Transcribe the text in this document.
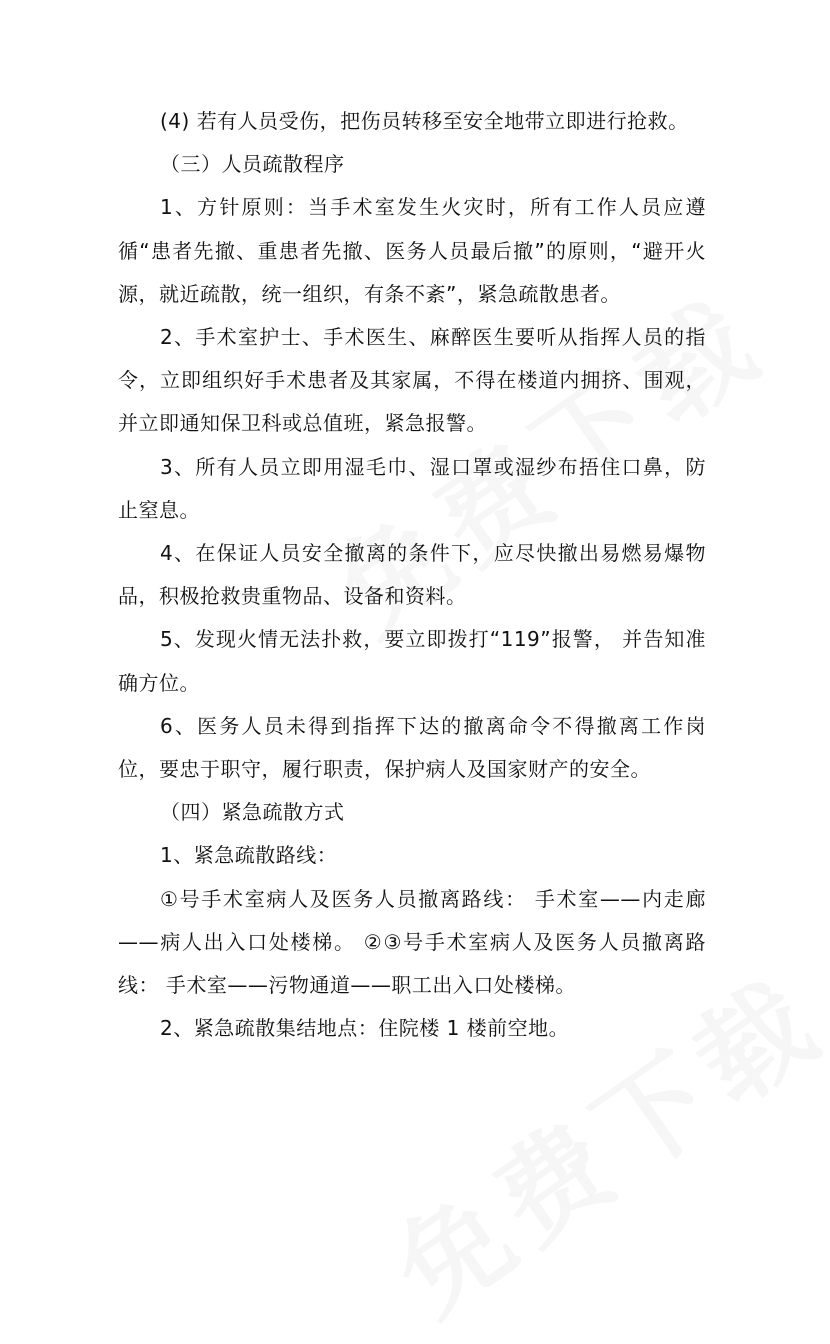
(4) 若有人员受伤，把伤员转移至安全地带立即进行抢救。

（三）人员疏散程序

1、方针原则：当手术室发生火灾时，所有工作人员应遵循“患者先撤、重患者先撤、医务人员最后撤”的原则，“避开火源，就近疏散，统一组织，有条不紊”，紧急疏散患者。

2、手术室护士、手术医生、麻醉医生要听从指挥人员的指令，立即组织好手术患者及其家属，不得在楼道内拥挤、围观，并立即通知保卫科或总值班，紧急报警。

3、所有人员立即用湿毛巾、湿口罩或湿纱布捂住口鼻，防止窒息。

4、在保证人员安全撤离的条件下，应尽快撤出易燃易爆物品，积极抢救贵重物品、设备和资料。

5、发现火情无法扑救，要立即拨打“119”报警， 并告知准确方位。

6、医务人员未得到指挥下达的撤离命令不得撤离工作岗位，要忠于职守，履行职责，保护病人及国家财产的安全。

（四）紧急疏散方式

1、紧急疏散路线：

①号手术室病人及医务人员撤离路线： 手术室——内走廊——病人出入口处楼梯。 ②③号手术室病人及医务人员撤离路线： 手术室——污物通道——职工出入口处楼梯。

2、紧急疏散集结地点：住院楼 1 楼前空地。
